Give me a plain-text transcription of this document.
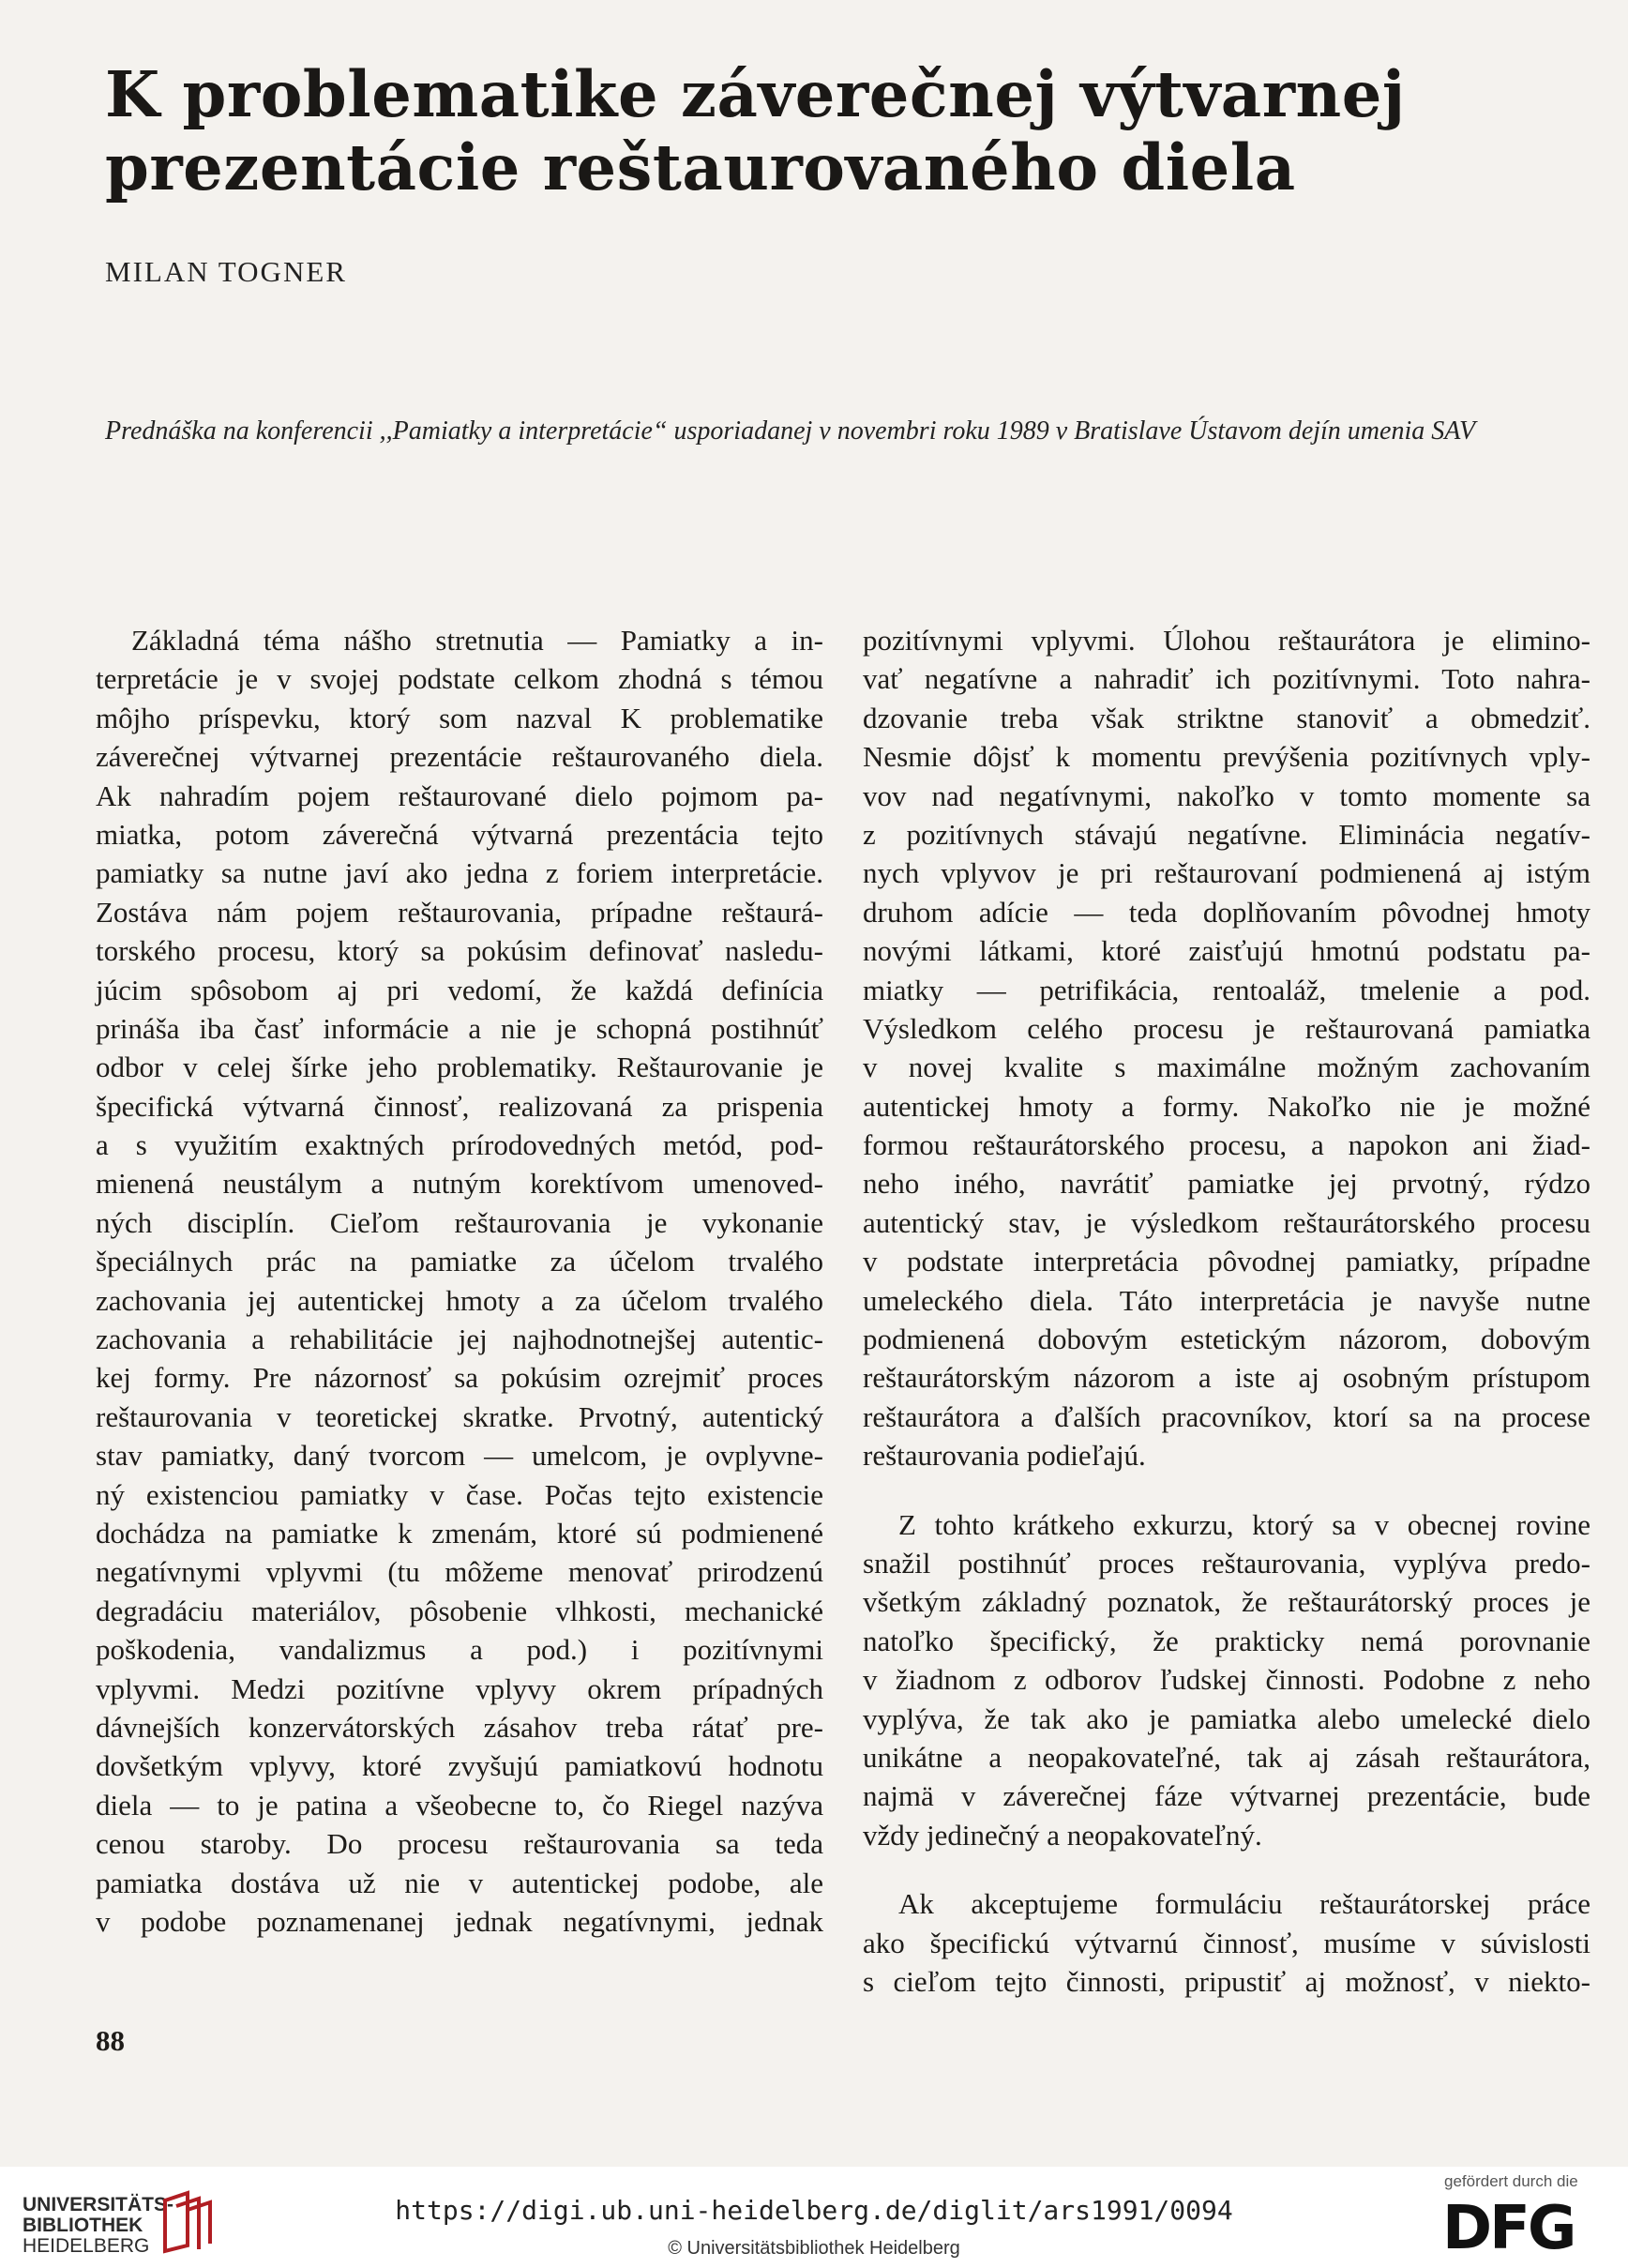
K problematike záverečnej výtvarnej
prezentácie reštaurovaného diela
MILAN TOGNER
Prednáška na konferencii ,,Pamiatky a interpretácie“ usporiadanej v novembri roku 1989 v Bratislave Ústavom dejín umenia SAV
Základná téma nášho stretnutia — Pamiatky a in-
terpretácie je v svojej podstate celkom zhodná s témou
môjho príspevku, ktorý som nazval K problematike
záverečnej výtvarnej prezentácie reštaurovaného diela.
Ak nahradím pojem reštaurované dielo pojmom pa-
miatka, potom záverečná výtvarná prezentácia tejto
pamiatky sa nutne javí ako jedna z foriem interpretácie.
Zostáva nám pojem reštaurovania, prípadne reštaurá-
torského procesu, ktorý sa pokúsim definovať nasledu-
júcim spôsobom aj pri vedomí, že každá definícia
prináša iba časť informácie a nie je schopná postihnúť
odbor v celej šírke jeho problematiky. Reštaurovanie je
špecifická výtvarná činnosť, realizovaná za prispenia
a s využitím exaktných prírodovedných metód, pod-
mienená neustálym a nutným korektívom umenoved-
ných disciplín. Cieľom reštaurovania je vykonanie
špeciálnych prác na pamiatke za účelom trvalého
zachovania jej autentickej hmoty a za účelom trvalého
zachovania a rehabilitácie jej najhodnotnejšej autentic-
kej formy. Pre názornosť sa pokúsim ozrejmiť proces
reštaurovania v teoretickej skratke. Prvotný, autentický
stav pamiatky, daný tvorcom — umelcom, je ovplyvne-
ný existenciou pamiatky v čase. Počas tejto existencie
dochádza na pamiatke k zmenám, ktoré sú podmienené
negatívnymi vplyvmi (tu môžeme menovať prirodzenú
degradáciu materiálov, pôsobenie vlhkosti, mechanické
poškodenia, vandalizmus a pod.) i pozitívnymi
vplyvmi. Medzi pozitívne vplyvy okrem prípadných
dávnejších konzervátorských zásahov treba rátať pre-
dovšetkým vplyvy, ktoré zvyšujú pamiatkovú hodnotu
diela — to je patina a všeobecne to, čo Riegel nazýva
cenou staroby. Do procesu reštaurovania sa teda
pamiatka dostáva už nie v autentickej podobe, ale
v podobe poznamenanej jednak negatívnymi, jednak
pozitívnymi vplyvmi. Úlohou reštaurátora je elimino-
vať negatívne a nahradiť ich pozitívnymi. Toto nahra-
dzovanie treba však striktne stanoviť a obmedziť.
Nesmie dôjsť k momentu prevýšenia pozitívnych vply-
vov nad negatívnymi, nakoľko v tomto momente sa
z pozitívnych stávajú negatívne. Eliminácia negatív-
nych vplyvov je pri reštaurovaní podmienená aj istým
druhom adície — teda doplňovaním pôvodnej hmoty
novými látkami, ktoré zaisťujú hmotnú podstatu pa-
miatky — petrifikácia, rentoaláž, tmelenie a pod.
Výsledkom celého procesu je reštaurovaná pamiatka
v novej kvalite s maximálne možným zachovaním
autentickej hmoty a formy. Nakoľko nie je možné
formou reštaurátorského procesu, a napokon ani žiad-
neho iného, navrátiť pamiatke jej prvotný, rýdzo
autentický stav, je výsledkom reštaurátorského procesu
v podstate interpretácia pôvodnej pamiatky, prípadne
umeleckého diela. Táto interpretácia je navyše nutne
podmienená dobovým estetickým názorom, dobovým
reštaurátorským názorom a iste aj osobným prístupom
reštaurátora a ďalších pracovníkov, ktorí sa na procese
reštaurovania podieľajú.
Z tohto krátkeho exkurzu, ktorý sa v obecnej rovine
snažil postihnúť proces reštaurovania, vyplýva predo-
všetkým základný poznatok, že reštaurátorský proces je
natoľko špecifický, že prakticky nemá porovnanie
v žiadnom z odborov ľudskej činnosti. Podobne z neho
vyplýva, že tak ako je pamiatka alebo umelecké dielo
unikátne a neopakovateľné, tak aj zásah reštaurátora,
najmä v záverečnej fáze výtvarnej prezentácie, bude
vždy jedinečný a neopakovateľný.
Ak akceptujeme formuláciu reštaurátorskej práce
ako špecifickú výtvarnú činnosť, musíme v súvislosti
s cieľom tejto činnosti, pripustiť aj možnosť, v niekto-
88
UNIVERSITÄTS-
BIBLIOTHEK
HEIDELBERG
https://digi.ub.uni-heidelberg.de/diglit/ars1991/0094
© Universitätsbibliothek Heidelberg
gefördert durch die
DFG
